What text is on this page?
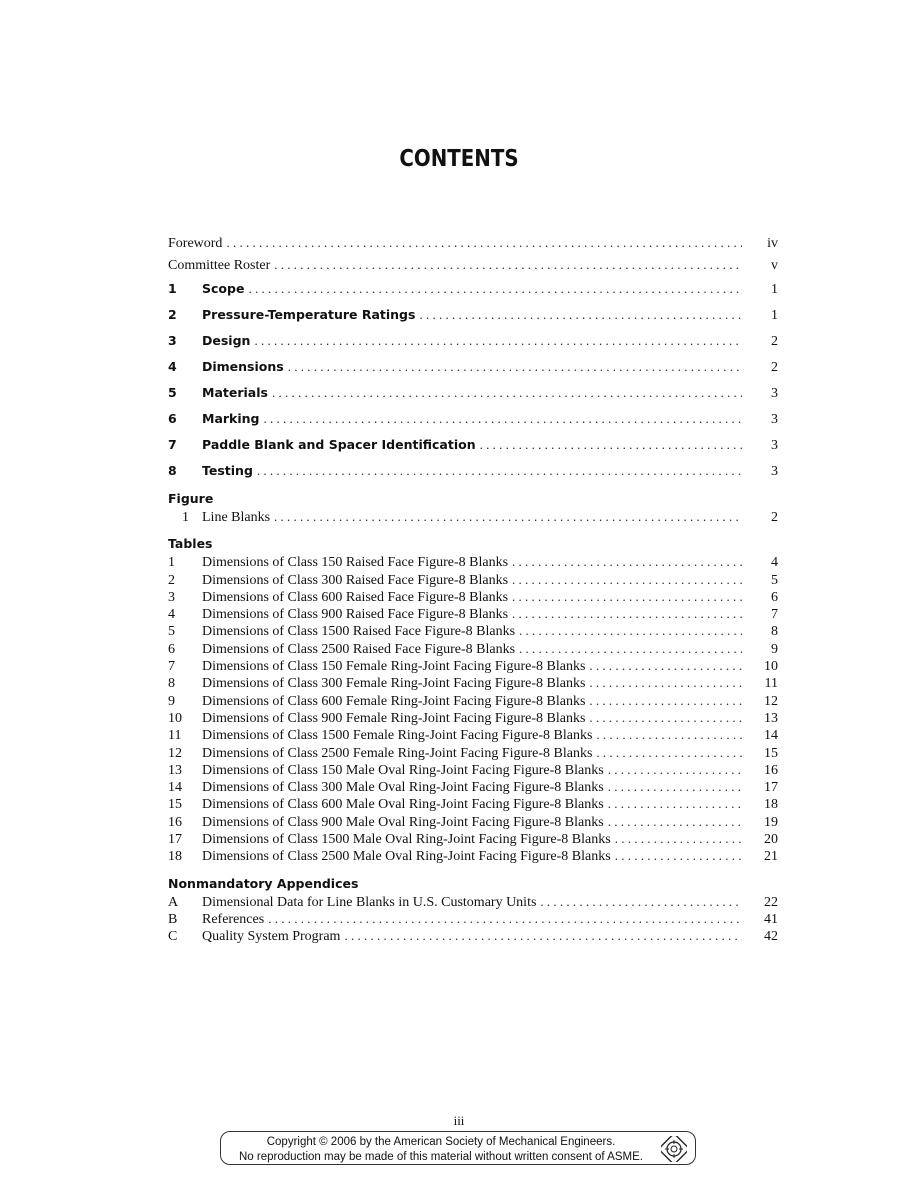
CONTENTS
Foreword . . .	iv
Committee Roster . . .	v
1	Scope . . .	1
2	Pressure-Temperature Ratings . . .	1
3	Design . . .	2
4	Dimensions . . .	2
5	Materials . . .	3
6	Marking . . .	3
7	Paddle Blank and Spacer Identification . . .	3
8	Testing . . .	3
Figure
1 Line Blanks . . .	2
Tables
1	Dimensions of Class 150 Raised Face Figure-8 Blanks . . .	4
2	Dimensions of Class 300 Raised Face Figure-8 Blanks . . .	5
3	Dimensions of Class 600 Raised Face Figure-8 Blanks . . .	6
4	Dimensions of Class 900 Raised Face Figure-8 Blanks . . .	7
5	Dimensions of Class 1500 Raised Face Figure-8 Blanks . . .	8
6	Dimensions of Class 2500 Raised Face Figure-8 Blanks . . .	9
7	Dimensions of Class 150 Female Ring-Joint Facing Figure-8 Blanks . . .	10
8	Dimensions of Class 300 Female Ring-Joint Facing Figure-8 Blanks . . .	11
9	Dimensions of Class 600 Female Ring-Joint Facing Figure-8 Blanks . . .	12
10	Dimensions of Class 900 Female Ring-Joint Facing Figure-8 Blanks . . .	13
11	Dimensions of Class 1500 Female Ring-Joint Facing Figure-8 Blanks . . .	14
12	Dimensions of Class 2500 Female Ring-Joint Facing Figure-8 Blanks . . .	15
13	Dimensions of Class 150 Male Oval Ring-Joint Facing Figure-8 Blanks . . .	16
14	Dimensions of Class 300 Male Oval Ring-Joint Facing Figure-8 Blanks . . .	17
15	Dimensions of Class 600 Male Oval Ring-Joint Facing Figure-8 Blanks . . .	18
16	Dimensions of Class 900 Male Oval Ring-Joint Facing Figure-8 Blanks . . .	19
17	Dimensions of Class 1500 Male Oval Ring-Joint Facing Figure-8 Blanks . . .	20
18	Dimensions of Class 2500 Male Oval Ring-Joint Facing Figure-8 Blanks . . .	21
Nonmandatory Appendices
A	Dimensional Data for Line Blanks in U.S. Customary Units . . .	22
B	References . . .	41
C	Quality System Program . . .	42
iii
Copyright © 2006 by the American Society of Mechanical Engineers.
No reproduction may be made of this material without written consent of ASME.
